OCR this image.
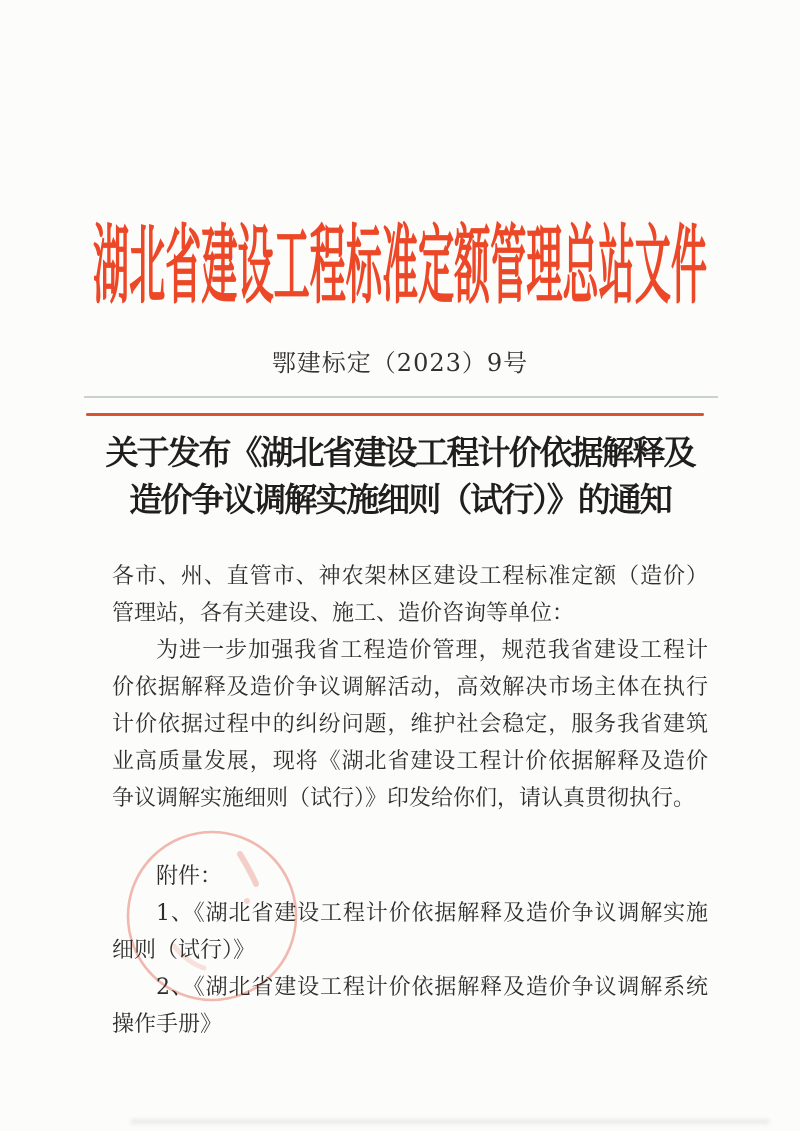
湖北省建设工程标准定额管理总站文件
鄂建标定（2023）9号
关于发布《湖北省建设工程计价依据解释及
造价争议调解实施细则（试行）》的通知
各市、州、直管市、神农架林区建设工程标准定额（造价）
管理站，各有关建设、施工、造价咨询等单位：
为进一步加强我省工程造价管理，规范我省建设工程计
价依据解释及造价争议调解活动，高效解决市场主体在执行
计价依据过程中的纠纷问题，维护社会稳定，服务我省建筑
业高质量发展，现将《湖北省建设工程计价依据解释及造价
争议调解实施细则（试行）》印发给你们，请认真贯彻执行。
附件：
1、《湖北省建设工程计价依据解释及造价争议调解实施
细则（试行）》
2、《湖北省建设工程计价依据解释及造价争议调解系统
操作手册》
